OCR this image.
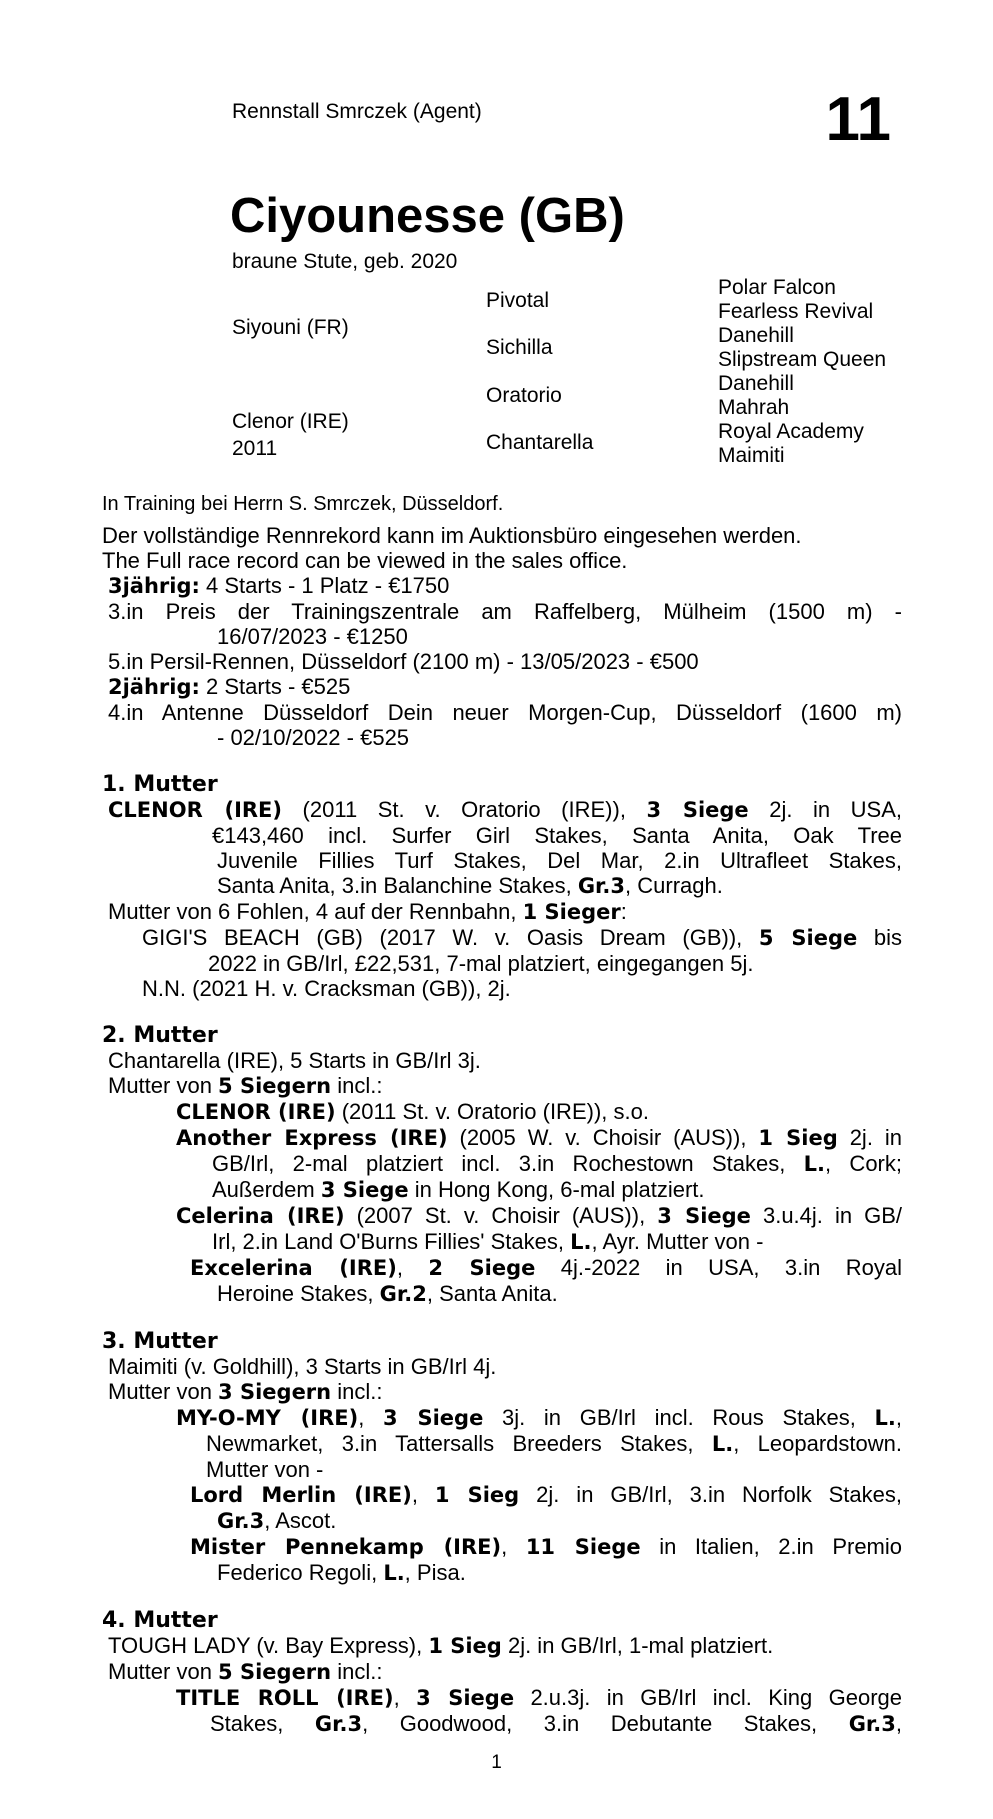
Rennstall Smrczek (Agent)	11
Ciyounesse (GB)
braune Stute, geb. 2020
Siyouni (FR)
Clenor (IRE)
2011
Pivotal
Sichilla
Oratorio
Chantarella
Polar Falcon
Fearless Revival
Danehill
Slipstream Queen
Danehill
Mahrah
Royal Academy
Maimiti
In Training bei Herrn S. Smrczek, Düsseldorf.
Der vollständige Rennrekord kann im Auktionsbüro eingesehen werden.
The Full race record can be viewed in the sales office.
3jährig: 4 Starts - 1 Platz - €1750
3.in Preis der Trainingszentrale am Raffelberg, Mülheim (1500 m) -
16/07/2023 - €1250
5.in Persil-Rennen, Düsseldorf (2100 m) - 13/05/2023 - €500
2jährig: 2 Starts - €525
4.in Antenne Düsseldorf Dein neuer Morgen-Cup, Düsseldorf (1600 m)
- 02/10/2022 - €525
1. Mutter
CLENOR (IRE) (2011 St. v. Oratorio (IRE)), 3 Siege 2j. in USA,
€143,460 incl. Surfer Girl Stakes, Santa Anita, Oak Tree
Juvenile Fillies Turf Stakes, Del Mar, 2.in Ultrafleet Stakes,
Santa Anita, 3.in Balanchine Stakes, Gr.3, Curragh.
Mutter von 6 Fohlen, 4 auf der Rennbahn, 1 Sieger:
GIGI'S BEACH (GB) (2017 W. v. Oasis Dream (GB)), 5 Siege bis
2022 in GB/Irl, £22,531, 7-mal platziert, eingegangen 5j.
N.N. (2021 H. v. Cracksman (GB)), 2j.
2. Mutter
Chantarella (IRE), 5 Starts in GB/Irl 3j.
Mutter von 5 Siegern incl.:
CLENOR (IRE) (2011 St. v. Oratorio (IRE)), s.o.
Another Express (IRE) (2005 W. v. Choisir (AUS)), 1 Sieg 2j. in
GB/Irl, 2-mal platziert incl. 3.in Rochestown Stakes, L., Cork;
Außerdem 3 Siege in Hong Kong, 6-mal platziert.
Celerina (IRE) (2007 St. v. Choisir (AUS)), 3 Siege 3.u.4j. in GB/
Irl, 2.in Land O'Burns Fillies' Stakes, L., Ayr. Mutter von -
Excelerina (IRE), 2 Siege 4j.-2022 in USA, 3.in Royal
Heroine Stakes, Gr.2, Santa Anita.
3. Mutter
Maimiti (v. Goldhill), 3 Starts in GB/Irl 4j.
Mutter von 3 Siegern incl.:
MY-O-MY (IRE), 3 Siege 3j. in GB/Irl incl. Rous Stakes, L.,
Newmarket, 3.in Tattersalls Breeders Stakes, L., Leopardstown.
Mutter von -
Lord Merlin (IRE), 1 Sieg 2j. in GB/Irl, 3.in Norfolk Stakes,
Gr.3, Ascot.
Mister Pennekamp (IRE), 11 Siege in Italien, 2.in Premio
Federico Regoli, L., Pisa.
4. Mutter
TOUGH LADY (v. Bay Express), 1 Sieg 2j. in GB/Irl, 1-mal platziert.
Mutter von 5 Siegern incl.:
TITLE ROLL (IRE), 3 Siege 2.u.3j. in GB/Irl incl. King George
Stakes, Gr.3, Goodwood, 3.in Debutante Stakes, Gr.3,
1
